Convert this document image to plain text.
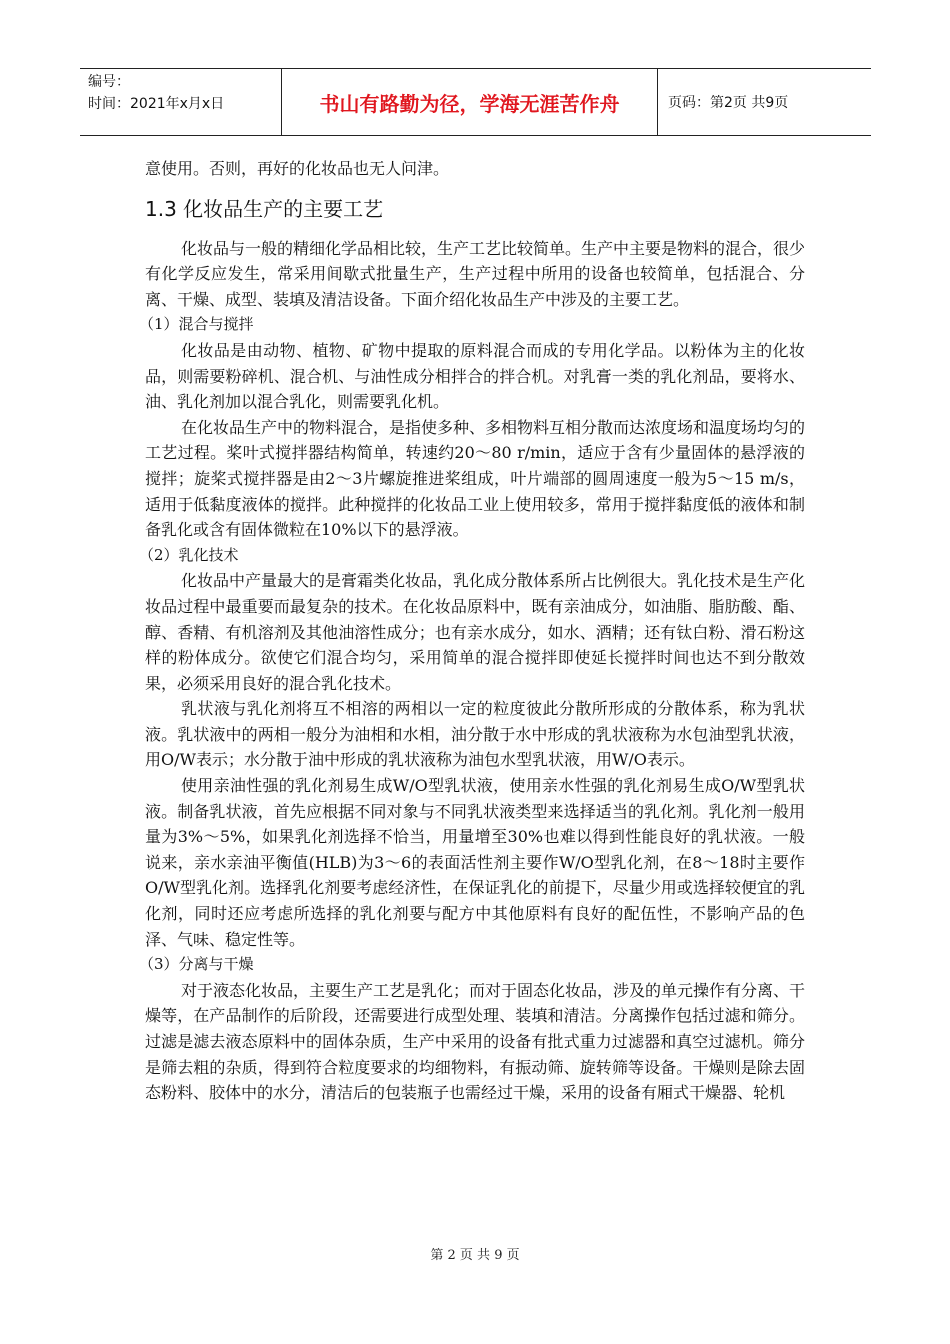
编号：
时间：2021年x月x日	书山有路勤为径，学海无涯苦作舟	页码：第2页 共9页

意使用。否则，再好的化妆品也无人问津。

1.3 化妆品生产的主要工艺

化妆品与一般的精细化学品相比较，生产工艺比较简单。生产中主要是物料的混合，很少有化学反应发生，常采用间歇式批量生产，生产过程中所用的设备也较简单，包括混合、分离、干燥、成型、装填及清洁设备。下面介绍化妆品生产中涉及的主要工艺。

（1）混合与搅拌

化妆品是由动物、植物、矿物中提取的原料混合而成的专用化学品。以粉体为主的化妆品，则需要粉碎机、混合机、与油性成分相拌合的拌合机。对乳膏一类的乳化剂品，要将水、油、乳化剂加以混合乳化，则需要乳化机。

在化妆品生产中的物料混合，是指使多种、多相物料互相分散而达浓度场和温度场均匀的工艺过程。桨叶式搅拌器结构简单，转速约20～80 r/min，适应于含有少量固体的悬浮液的搅拌；旋桨式搅拌器是由2～3片螺旋推进桨组成，叶片端部的圆周速度一般为5～15 m/s，适用于低黏度液体的搅拌。此种搅拌的化妆品工业上使用较多，常用于搅拌黏度低的液体和制备乳化或含有固体微粒在10%以下的悬浮液。

（2）乳化技术

化妆品中产量最大的是膏霜类化妆品，乳化成分散体系所占比例很大。乳化技术是生产化妆品过程中最重要而最复杂的技术。在化妆品原料中，既有亲油成分，如油脂、脂肪酸、酯、醇、香精、有机溶剂及其他油溶性成分；也有亲水成分，如水、酒精；还有钛白粉、滑石粉这样的粉体成分。欲使它们混合均匀，采用简单的混合搅拌即使延长搅拌时间也达不到分散效果，必须采用良好的混合乳化技术。

乳状液与乳化剂将互不相溶的两相以一定的粒度彼此分散所形成的分散体系，称为乳状液。乳状液中的两相一般分为油相和水相，油分散于水中形成的乳状液称为水包油型乳状液，用O/W表示；水分散于油中形成的乳状液称为油包水型乳状液，用W/O表示。

使用亲油性强的乳化剂易生成W/O型乳状液，使用亲水性强的乳化剂易生成O/W型乳状液。制备乳状液，首先应根据不同对象与不同乳状液类型来选择适当的乳化剂。乳化剂一般用量为3%～5%，如果乳化剂选择不恰当，用量增至30%也难以得到性能良好的乳状液。一般说来，亲水亲油平衡值(HLB)为3～6的表面活性剂主要作W/O型乳化剂，在8～18时主要作O/W型乳化剂。选择乳化剂要考虑经济性，在保证乳化的前提下，尽量少用或选择较便宜的乳化剂，同时还应考虑所选择的乳化剂要与配方中其他原料有良好的配伍性，不影响产品的色泽、气味、稳定性等。

（3）分离与干燥

对于液态化妆品，主要生产工艺是乳化；而对于固态化妆品，涉及的单元操作有分离、干燥等，在产品制作的后阶段，还需要进行成型处理、装填和清洁。分离操作包括过滤和筛分。过滤是滤去液态原料中的固体杂质，生产中采用的设备有批式重力过滤器和真空过滤机。筛分是筛去粗的杂质，得到符合粒度要求的均细物料，有振动筛、旋转筛等设备。干燥则是除去固态粉料、胶体中的水分，清洁后的包装瓶子也需经过干燥，采用的设备有厢式干燥器、轮机

第 2 页 共 9 页
